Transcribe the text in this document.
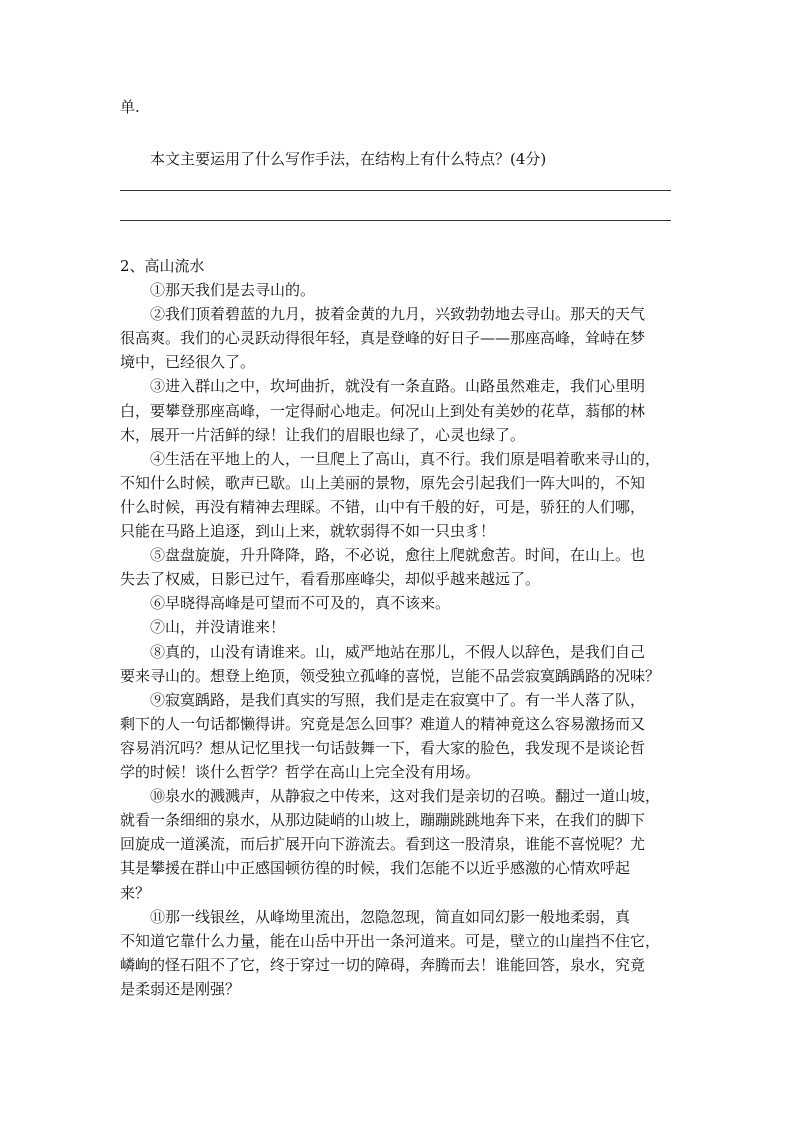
单.
本文主要运用了什么写作手法，在结构上有什么特点？(4分)
2、高山流水
①那天我们是去寻山的。
②我们顶着碧蓝的九月，披着金黄的九月，兴致勃勃地去寻山。那天的天气
很高爽。我们的心灵跃动得很年轻，真是登峰的好日子——那座高峰，耸峙在梦
境中，已经很久了。
③进入群山之中，坎坷曲折，就没有一条直路。山路虽然难走，我们心里明
白，要攀登那座高峰，一定得耐心地走。何况山上到处有美妙的花草，蓊郁的林
木，展开一片活鲜的绿！让我们的眉眼也绿了，心灵也绿了。
④生活在平地上的人，一旦爬上了高山，真不行。我们原是唱着歌来寻山的，
不知什么时候，歌声已歇。山上美丽的景物，原先会引起我们一阵大叫的，不知
什么时候，再没有精神去理睬。不错，山中有千般的好，可是，骄狂的人们哪，
只能在马路上追逐，到山上来，就软弱得不如一只虫豸！
⑤盘盘旋旋，升升降降，路，不必说，愈往上爬就愈苦。时间，在山上。也
失去了权威，日影已过午，看看那座峰尖，却似乎越来越远了。
⑥早晓得高峰是可望而不可及的，真不该来。
⑦山，并没请谁来！
⑧真的，山没有请谁来。山，威严地站在那儿，不假人以辞色，是我们自己
要来寻山的。想登上绝顶，领受独立孤峰的喜悦，岂能不品尝寂寞踽踽路的况味？
⑨寂寞踽路，是我们真实的写照，我们是走在寂寞中了。有一半人落了队，
剩下的人一句话都懒得讲。究竟是怎么回事？难道人的精神竟这么容易激扬而又
容易消沉吗？想从记忆里找一句话鼓舞一下，看大家的脸色，我发现不是谈论哲
学的时候！谈什么哲学？哲学在高山上完全没有用场。
⑩泉水的溅溅声，从静寂之中传来，这对我们是亲切的召唤。翻过一道山坡，
就看一条细细的泉水，从那边陡峭的山坡上，蹦蹦跳跳地奔下来，在我们的脚下
回旋成一道溪流，而后扩展开向下游流去。看到这一股清泉，谁能不喜悦呢？尤
其是攀援在群山中正感国顿彷徨的时候，我们怎能不以近乎感激的心情欢呼起
来？
⑪那一线银丝，从峰坳里流出，忽隐忽现，简直如同幻影一般地柔弱，真
不知道它靠什么力量，能在山岳中开出一条河道来。可是，壁立的山崖挡不住它，
嶙峋的怪石阻不了它，终于穿过一切的障碍，奔腾而去！谁能回答，泉水，究竟
是柔弱还是刚强？
